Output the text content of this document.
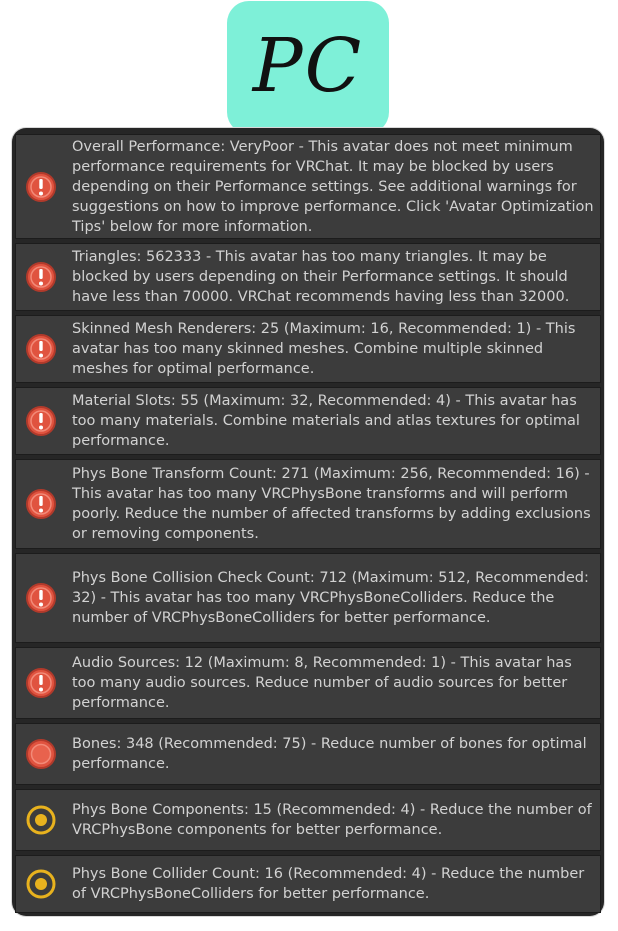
PC
Overall Performance: VeryPoor - This avatar does not meet minimum performance requirements for VRChat. It may be blocked by users depending on their Performance settings. See additional warnings for suggestions on how to improve performance. Click 'Avatar Optimization Tips' below for more information.
Triangles: 562333 - This avatar has too many triangles. It may be blocked by users depending on their Performance settings. It should have less than 70000. VRChat recommends having less than 32000.
Skinned Mesh Renderers: 25 (Maximum: 16, Recommended: 1) - This avatar has too many skinned meshes. Combine multiple skinned meshes for optimal performance.
Material Slots: 55 (Maximum: 32, Recommended: 4) - This avatar has too many materials. Combine materials and atlas textures for optimal performance.
Phys Bone Transform Count: 271 (Maximum: 256, Recommended: 16) - This avatar has too many VRCPhysBone transforms and will perform poorly. Reduce the number of affected transforms by adding exclusions or removing components.
Phys Bone Collision Check Count: 712 (Maximum: 512, Recommended: 32) - This avatar has too many VRCPhysBoneColliders. Reduce the number of VRCPhysBoneColliders for better performance.
Audio Sources: 12 (Maximum: 8, Recommended: 1) - This avatar has too many audio sources. Reduce number of audio sources for better performance.
Bones: 348 (Recommended: 75) - Reduce number of bones for optimal performance.
Phys Bone Components: 15 (Recommended: 4) - Reduce the number of VRCPhysBone components for better performance.
Phys Bone Collider Count: 16 (Recommended: 4) - Reduce the number of VRCPhysBoneColliders for better performance.
